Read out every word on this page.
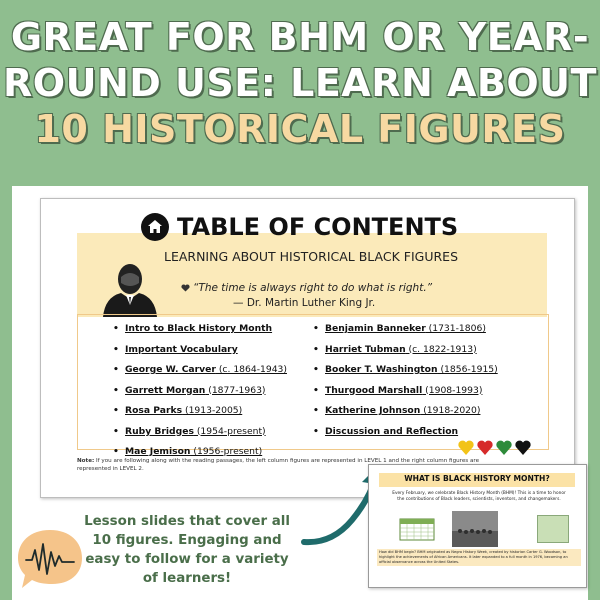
GREAT FOR BHM OR YEAR-
ROUND USE: LEARN ABOUT
10 HISTORICAL FIGURES
TABLE OF CONTENTS
LEARNING ABOUT HISTORICAL BLACK FIGURES
“The time is always right to do what is right.”
— Dr. Martin Luther King Jr.
• Intro to Black History Month
• Important Vocabulary
• George W. Carver (c. 1864-1943)
• Garrett Morgan (1877-1963)
• Rosa Parks (1913-2005)
• Ruby Bridges (1954-present)
• Mae Jemison (1956-present)
• Benjamin Banneker (1731-1806)
• Harriet Tubman (c. 1822-1913)
• Booker T. Washington (1856-1915)
• Thurgood Marshall (1908-1993)
• Katherine Johnson (1918-2020)
• Discussion and Reflection
Note: If you are following along with the reading passages, the left column figures are represented in LEVEL 1 and the right column figures are represented in LEVEL 2.
WHAT IS BLACK HISTORY MONTH?
Every February, we celebrate Black History Month (BHM)! This is a time to honor the contributions of Black leaders, scientists, inventors, and changemakers.
How did BHM begin? BHM originated as Negro History Week, created by historian Carter G. Woodson, to highlight the achievements of African Americans. It later expanded to a full month in 1976, becoming an official observance across the United States.
Lesson slides that cover all 10 figures. Engaging and easy to follow for a variety of learners!
